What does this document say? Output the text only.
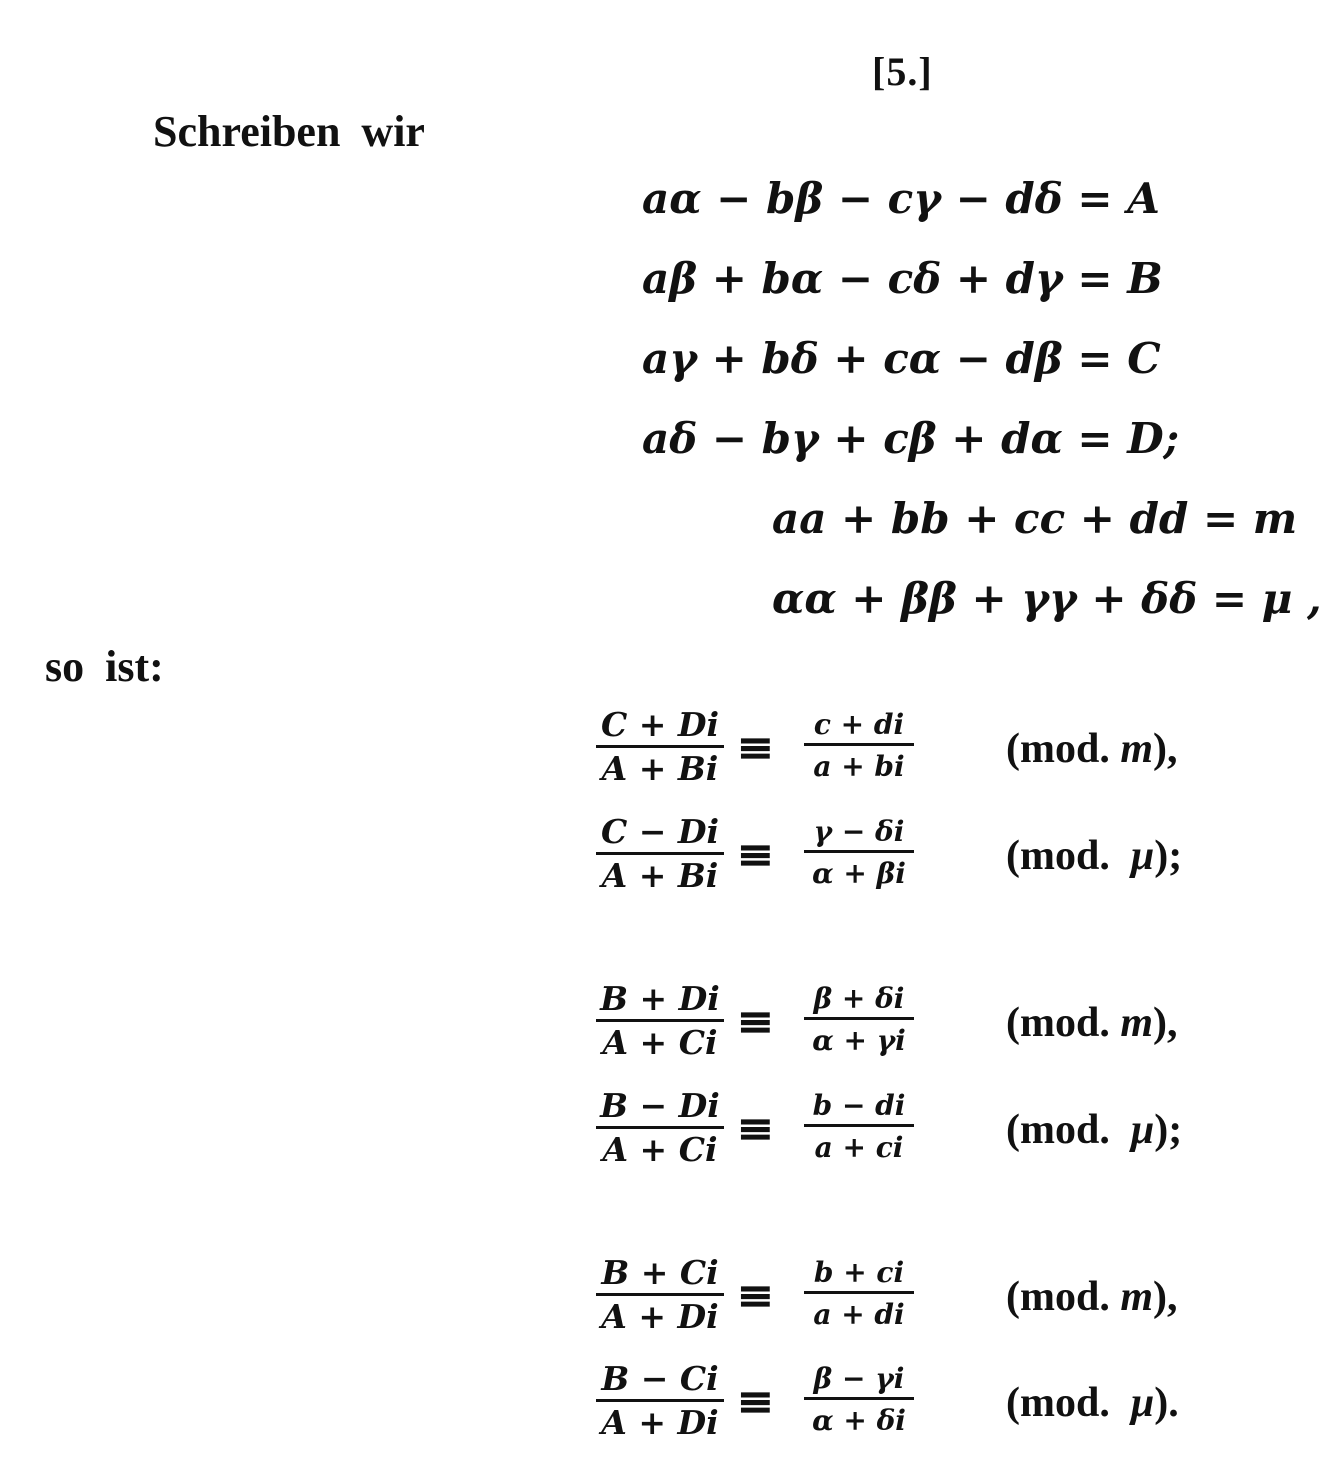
[5.]
Schreiben wir
aα − bβ − cγ − dδ = A
aβ + bα − cδ + dγ = B
aγ + bδ + cα − dβ = C
aδ − bγ + cβ + dα = D;
aa + bb + cc + dd = m
αα + ββ + γγ + δδ = μ ,
so ist:
C + Di
A + Bi ≡ c + di
a + bi (mod. m),
C − Di
A + Bi ≡ γ − δi
α + βi (mod.  μ);
B + Di
A + Ci ≡ β + δi
α + γi (mod. m),
B − Di
A + Ci ≡ b − di
a + ci (mod.  μ);
B + Ci
A + Di ≡ b + ci
a + di (mod. m),
B − Ci
A + Di ≡ β − γi
α + δi (mod.  μ).
